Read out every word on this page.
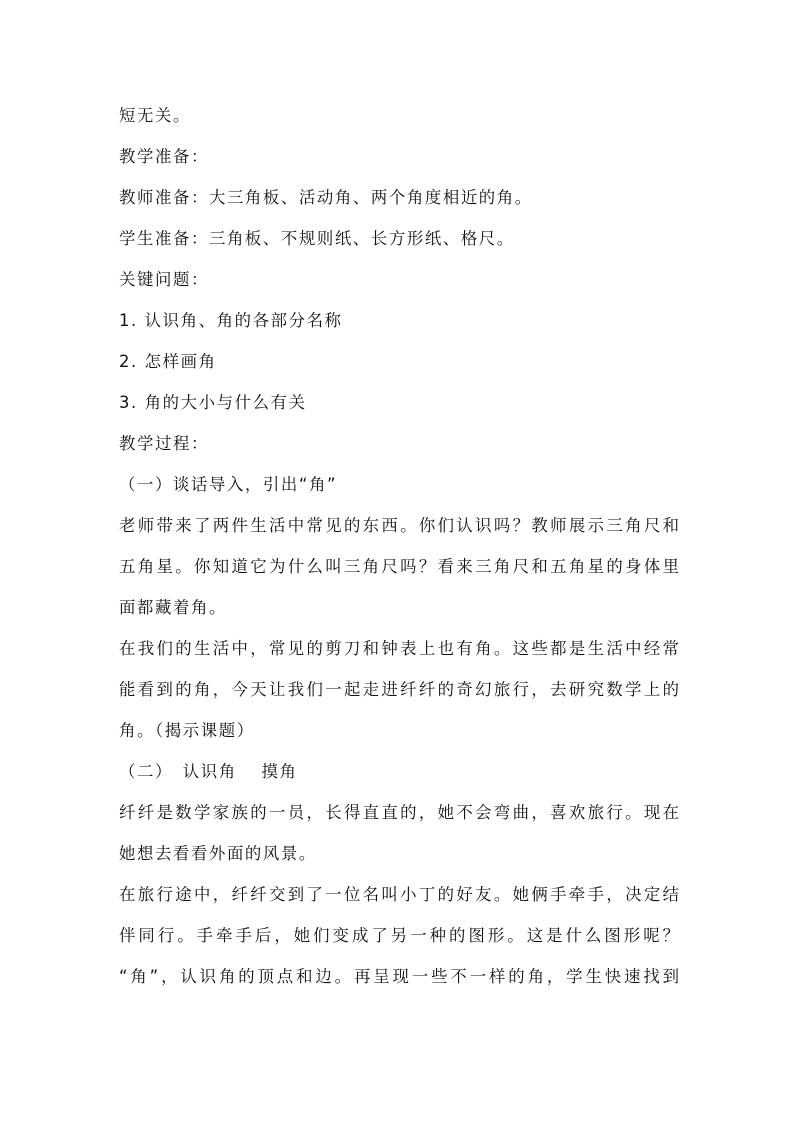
短无关。
教学准备：
教师准备：大三角板、活动角、两个角度相近的角。
学生准备：三角板、不规则纸、长方形纸、格尺。
关键问题：
1. 认识角、角的各部分名称
2. 怎样画角
3. 角的大小与什么有关
教学过程：
（一）谈话导入，引出“角”
老师带来了两件生活中常见的东西。你们认识吗？教师展示三角尺和
五角星。你知道它为什么叫三角尺吗？看来三角尺和五角星的身体里
面都藏着角。
在我们的生活中，常见的剪刀和钟表上也有角。这些都是生活中经常
能看到的角，今天让我们一起走进纤纤的奇幻旅行，去研究数学上的
角。（揭示课题）
（二）　认识角　 摸角
纤纤是数学家族的一员，长得直直的，她不会弯曲，喜欢旅行。现在
她想去看看外面的风景。
在旅行途中，纤纤交到了一位名叫小丁的好友。她俩手牵手，决定结
伴同行。手牵手后，她们变成了另一种的图形。这是什么图形呢？
“角”，认识角的顶点和边。再呈现一些不一样的角，学生快速找到
